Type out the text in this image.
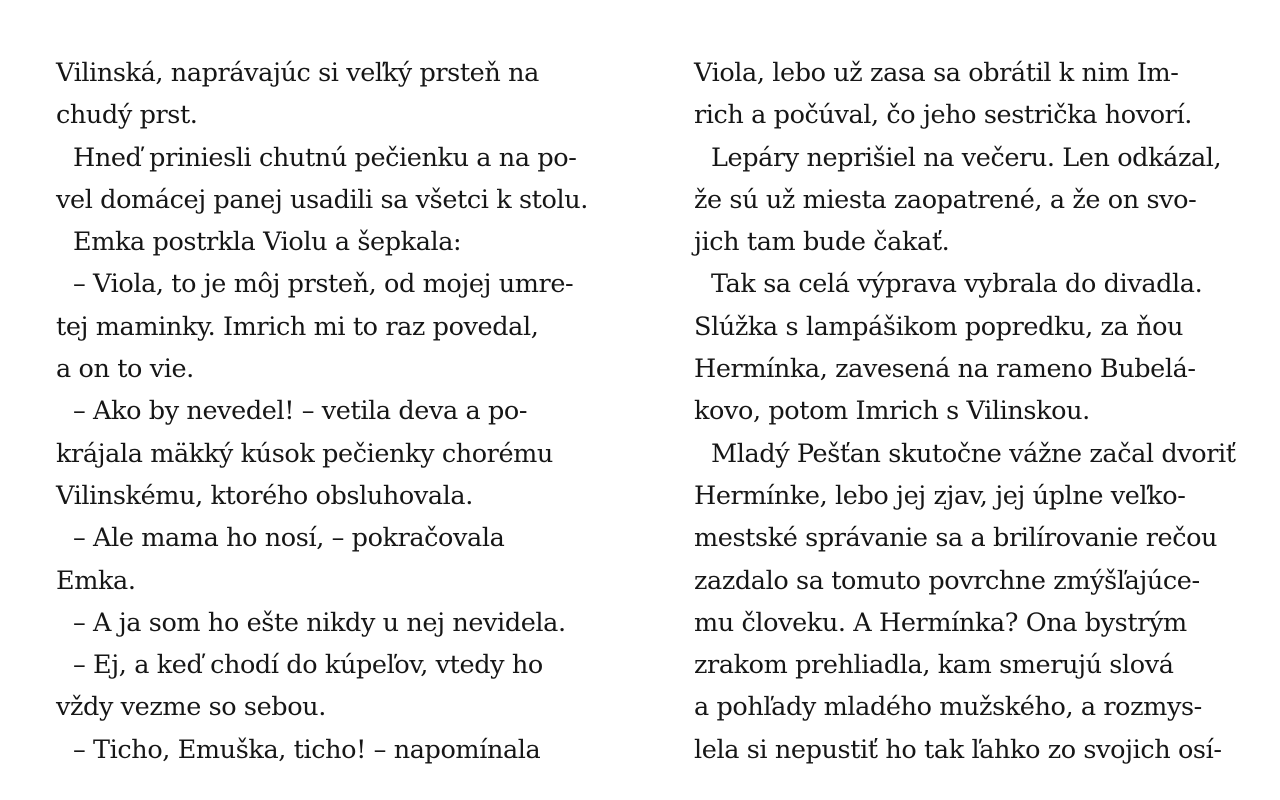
Vilinská, naprávajúc si veľký prsteň na
chudý prst.
Hneď priniesli chutnú pečienku a na po-
vel domácej panej usadili sa všetci k stolu.
Emka postrkla Violu a šepkala:
– Viola, to je môj prsteň, od mojej umre-
tej maminky. Imrich mi to raz povedal,
a on to vie.
– Ako by nevedel! – vetila deva a po-
krájala mäkký kúsok pečienky chorému
Vilinskému, ktorého obsluhovala.
– Ale mama ho nosí, – pokračovala
Emka.
– A ja som ho ešte nikdy u nej nevidela.
– Ej, a keď chodí do kúpeľov, vtedy ho
vždy vezme so sebou.
– Ticho, Emuška, ticho! – napomínala
Viola, lebo už zasa sa obrátil k nim Im-
rich a počúval, čo jeho sestrička hovorí.
Lepáry neprišiel na večeru. Len odkázal,
že sú už miesta zaopatrené, a že on svo-
jich tam bude čakať.
Tak sa celá výprava vybrala do divadla.
Slúžka s lampášikom popredku, za ňou
Hermínka, zavesená na rameno Bubelá-
kovo, potom Imrich s Vilinskou.
Mladý Pešťan skutočne vážne začal dvoriť
Hermínke, lebo jej zjav, jej úplne veľko-
mestské správanie sa a brilírovanie rečou
zazdalo sa tomuto povrchne zmýšľajúce-
mu človeku. A Hermínka? Ona bystrým
zrakom prehliadla, kam smerujú slová
a pohľady mladého mužského, a rozmys-
lela si nepustiť ho tak ľahko zo svojich osí-
